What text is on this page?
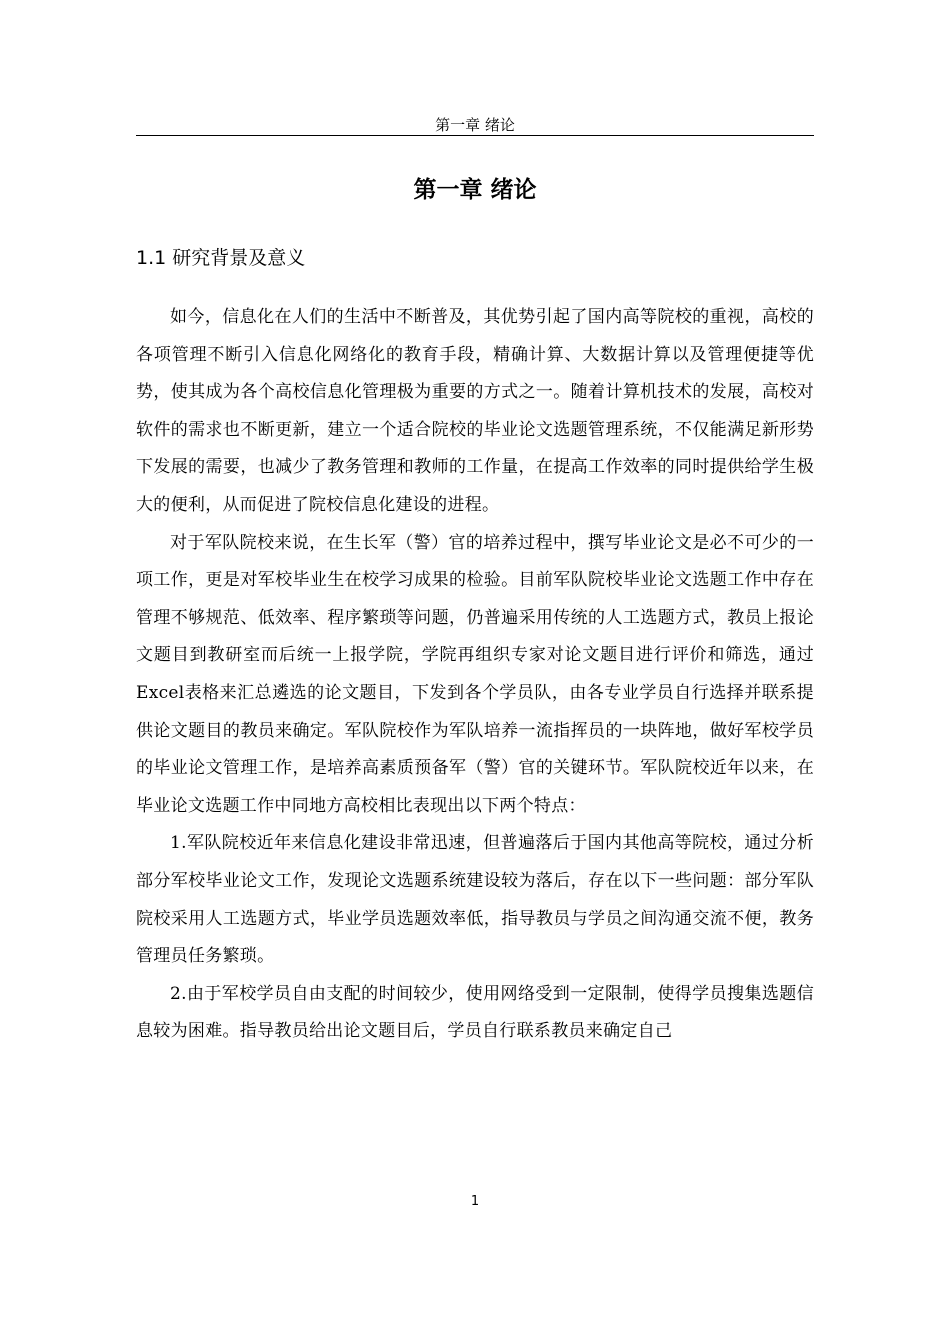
第一章 绪论
第一章 绪论
1.1 研究背景及意义

如今，信息化在人们的生活中不断普及，其优势引起了国内高等院校的重视，高校的各项管理不断引入信息化网络化的教育手段，精确计算、大数据计算以及管理便捷等优势，使其成为各个高校信息化管理极为重要的方式之一。随着计算机技术的发展，高校对软件的需求也不断更新，建立一个适合院校的毕业论文选题管理系统，不仅能满足新形势下发展的需要，也减少了教务管理和教师的工作量，在提高工作效率的同时提供给学生极大的便利，从而促进了院校信息化建设的进程。

对于军队院校来说，在生长军（警）官的培养过程中，撰写毕业论文是必不可少的一项工作，更是对军校毕业生在校学习成果的检验。目前军队院校毕业论文选题工作中存在管理不够规范、低效率、程序繁琐等问题，仍普遍采用传统的人工选题方式，教员上报论文题目到教研室而后统一上报学院，学院再组织专家对论文题目进行评价和筛选，通过Excel表格来汇总遴选的论文题目，下发到各个学员队，由各专业学员自行选择并联系提供论文题目的教员来确定。军队院校作为军队培养一流指挥员的一块阵地，做好军校学员的毕业论文管理工作，是培养高素质预备军（警）官的关键环节。军队院校近年以来，在毕业论文选题工作中同地方高校相比表现出以下两个特点：

1.军队院校近年来信息化建设非常迅速，但普遍落后于国内其他高等院校，通过分析部分军校毕业论文工作，发现论文选题系统建设较为落后，存在以下一些问题：部分军队院校采用人工选题方式，毕业学员选题效率低，指导教员与学员之间沟通交流不便，教务管理员任务繁琐。

2.由于军校学员自由支配的时间较少，使用网络受到一定限制，使得学员搜集选题信息较为困难。指导教员给出论文题目后，学员自行联系教员来确定自己

1
